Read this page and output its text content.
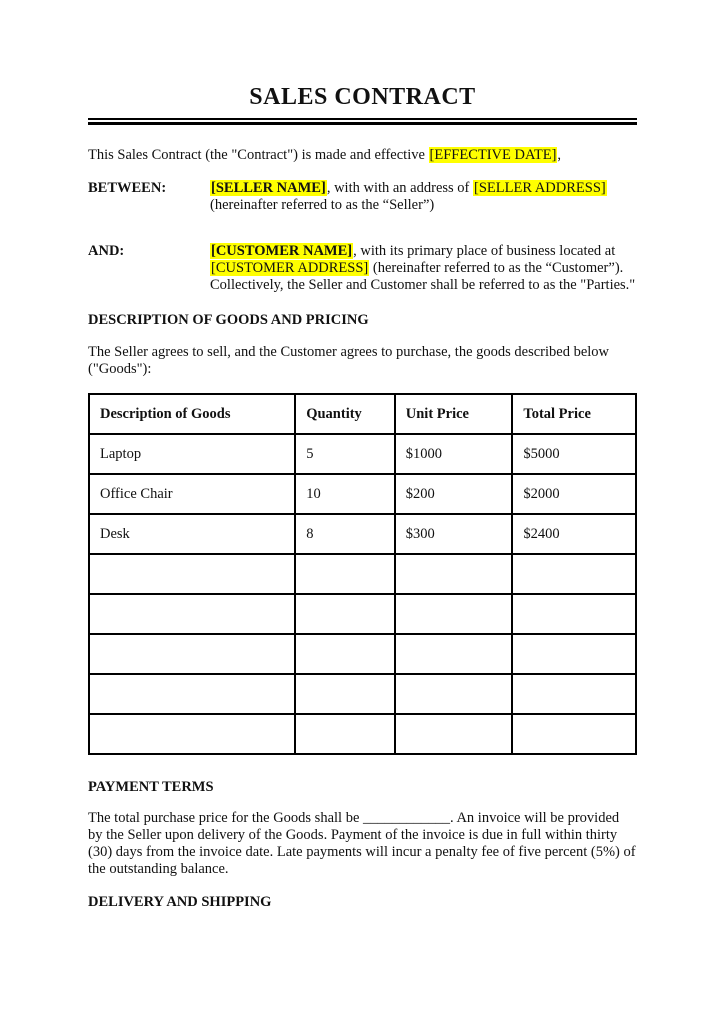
SALES CONTRACT

This Sales Contract (the "Contract") is made and effective [EFFECTIVE DATE],

BETWEEN:	[SELLER NAME], with with an address of [SELLER ADDRESS] (hereinafter referred to as the “Seller”)
AND:	[CUSTOMER NAME], with its primary place of business located at [CUSTOMER ADDRESS] (hereinafter referred to as the “Customer”). Collectively, the Seller and Customer shall be referred to as the "Parties."
DESCRIPTION OF GOODS AND PRICING

The Seller agrees to sell, and the Customer agrees to purchase, the goods described below ("Goods"):

Description of Goods	Quantity	Unit Price	Total Price
Laptop	5	$1000	$5000
Office Chair	10	$200	$2000
Desk	8	$300	$2400

PAYMENT TERMS

The total purchase price for the Goods shall be ____________. An invoice will be provided by the Seller upon delivery of the Goods. Payment of the invoice is due in full within thirty (30) days from the invoice date. Late payments will incur a penalty fee of five percent (5%) of the outstanding balance.

DELIVERY AND SHIPPING
